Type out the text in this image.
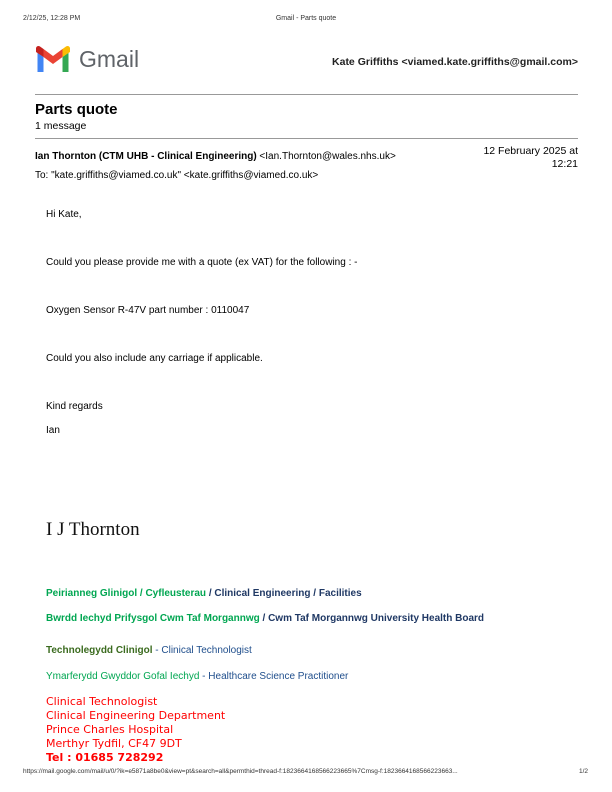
2/12/25, 12:28 PM	Gmail - Parts quote
Gmail	Kate Griffiths <viamed.kate.griffiths@gmail.com>
Parts quote
1 message
Ian Thornton (CTM UHB - Clinical Engineering) <Ian.Thornton@wales.nhs.uk>
To: "kate.griffiths@viamed.co.uk" <kate.griffiths@viamed.co.uk>
12 February 2025 at
12:21
Hi Kate,
Could you please provide me with a quote (ex VAT) for the following : -
Oxygen Sensor R-47V part number : 0110047
Could you also include any carriage if applicable.
Kind regards
Ian
I J Thornton
Peirianneg Glinigol / Cyfleusterau / Clinical Engineering / Facilities
Bwrdd Iechyd Prifysgol Cwm Taf Morgannwg / Cwm Taf Morgannwg University Health Board
Technolegydd Clinigol - Clinical Technologist
Ymarferydd Gwyddor Gofal Iechyd - Healthcare Science Practitioner
Clinical Technologist
Clinical Engineering Department
Prince Charles Hospital
Merthyr Tydfil, CF47 9DT
Tel : 01685 728292
https://mail.google.com/mail/u/0/?ik=e5871a8be0&view=pt&search=all&permthid=thread-f:1823664168566223665%7Cmsg-f:1823664168566223663...	1/2
